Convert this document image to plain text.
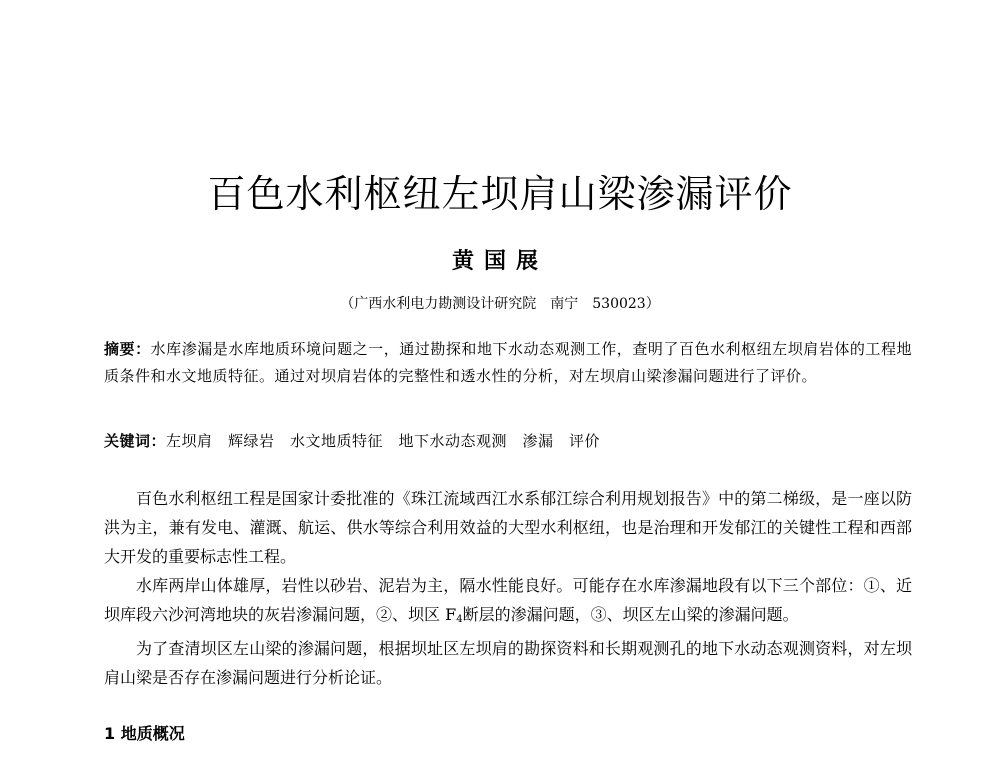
百色水利枢纽左坝肩山梁渗漏评价
黄国展
（广西水利电力勘测设计研究院　南宁　530023）
摘要：水库渗漏是水库地质环境问题之一，通过勘探和地下水动态观测工作，查明了百色水利枢纽左坝肩岩体的工程地质条件和水文地质特征。通过对坝肩岩体的完整性和透水性的分析，对左坝肩山梁渗漏问题进行了评价。
关键词：左坝肩　辉绿岩　水文地质特征　地下水动态观测　渗漏　评价

百色水利枢纽工程是国家计委批准的《珠江流域西江水系郁江综合利用规划报告》中的第二梯级，是一座以防洪为主，兼有发电、灌溉、航运、供水等综合利用效益的大型水利枢纽，也是治理和开发郁江的关键性工程和西部大开发的重要标志性工程。

水库两岸山体雄厚，岩性以砂岩、泥岩为主，隔水性能良好。可能存在水库渗漏地段有以下三个部位：①、近坝库段六沙河湾地块的灰岩渗漏问题，②、坝区 $F_4$断层的渗漏问题，③、坝区左山梁的渗漏问题。

为了查清坝区左山梁的渗漏问题，根据坝址区左坝肩的勘探资料和长期观测孔的地下水动态观测资料，对左坝肩山梁是否存在渗漏问题进行分析论证。

1 地质概况
